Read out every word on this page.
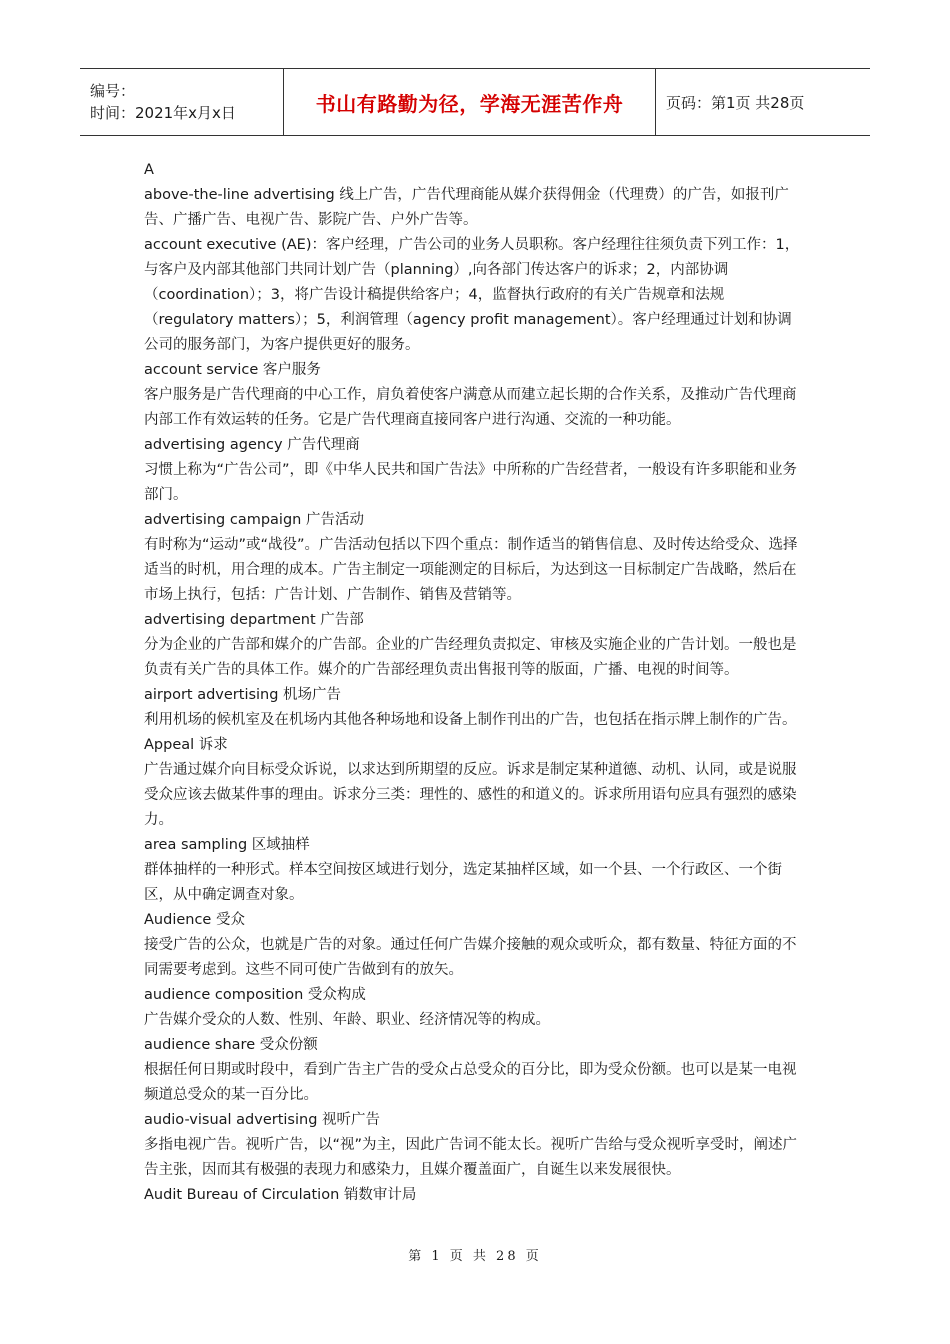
编号：
时间：2021年x月x日	书山有路勤为径，学海无涯苦作舟	页码：第1页 共28页

A

above-the-line advertising 线上广告，广告代理商能从媒介获得佣金（代理费）的广告，如报刊广告、广播广告、电视广告、影院广告、户外广告等。

account executive (AE)：客户经理，广告公司的业务人员职称。客户经理往往须负责下列工作：1，与客户及内部其他部门共同计划广告（planning）,向各部门传达客户的诉求；2，内部协调（coordination）；3，将广告设计稿提供给客户；4，监督执行政府的有关广告规章和法规（regulatory matters）；5，利润管理（agency profit management）。客户经理通过计划和协调公司的服务部门，为客户提供更好的服务。

account service 客户服务

客户服务是广告代理商的中心工作，肩负着使客户满意从而建立起长期的合作关系，及推动广告代理商内部工作有效运转的任务。它是广告代理商直接同客户进行沟通、交流的一种功能。

advertising agency 广告代理商

习惯上称为“广告公司”，即《中华人民共和国广告法》中所称的广告经营者，一般设有许多职能和业务部门。

advertising campaign 广告活动

有时称为“运动”或“战役”。广告活动包括以下四个重点：制作适当的销售信息、及时传达给受众、选择适当的时机，用合理的成本。广告主制定一项能测定的目标后，为达到这一目标制定广告战略，然后在市场上执行，包括：广告计划、广告制作、销售及营销等。

advertising department 广告部

分为企业的广告部和媒介的广告部。企业的广告经理负责拟定、审核及实施企业的广告计划。一般也是负责有关广告的具体工作。媒介的广告部经理负责出售报刊等的版面，广播、电视的时间等。

airport advertising 机场广告

利用机场的候机室及在机场内其他各种场地和设备上制作刊出的广告，也包括在指示牌上制作的广告。

Appeal 诉求

广告通过媒介向目标受众诉说，以求达到所期望的反应。诉求是制定某种道德、动机、认同，或是说服受众应该去做某件事的理由。诉求分三类：理性的、感性的和道义的。诉求所用语句应具有强烈的感染力。

area sampling 区域抽样

群体抽样的一种形式。样本空间按区域进行划分，选定某抽样区域，如一个县、一个行政区、一个街区，从中确定调查对象。

Audience 受众

接受广告的公众，也就是广告的对象。通过任何广告媒介接触的观众或听众，都有数量、特征方面的不同需要考虑到。这些不同可使广告做到有的放矢。

audience composition 受众构成

广告媒介受众的人数、性别、年龄、职业、经济情况等的构成。

audience share 受众份额

根据任何日期或时段中，看到广告主广告的受众占总受众的百分比，即为受众份额。也可以是某一电视频道总受众的某一百分比。

audio-visual advertising 视听广告

多指电视广告。视听广告，以“视”为主，因此广告词不能太长。视听广告给与受众视听享受时，阐述广告主张，因而其有极强的表现力和感染力，且媒介覆盖面广，自诞生以来发展很快。

Audit Bureau of Circulation 销数审计局

第 1 页 共 28 页
